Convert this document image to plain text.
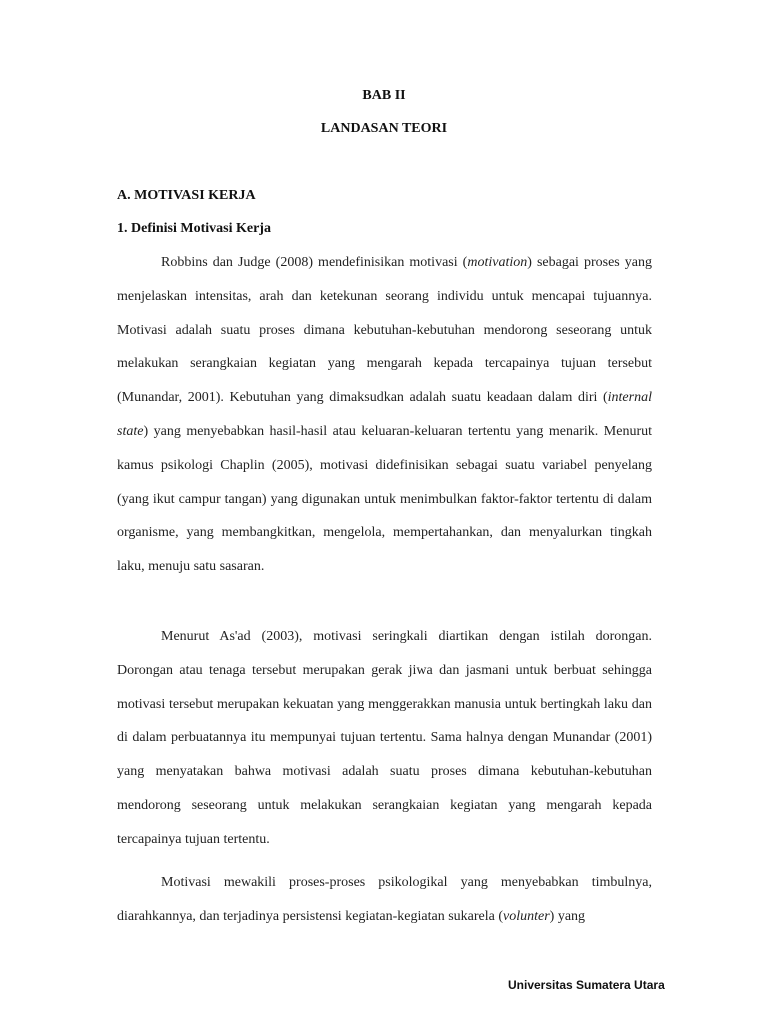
BAB II
LANDASAN TEORI
A. MOTIVASI KERJA
1. Definisi Motivasi Kerja

Robbins dan Judge (2008) mendefinisikan motivasi (motivation) sebagai proses yang menjelaskan intensitas, arah dan ketekunan seorang individu untuk mencapai tujuannya. Motivasi adalah suatu proses dimana kebutuhan-kebutuhan mendorong seseorang untuk melakukan serangkaian kegiatan yang mengarah kepada tercapainya tujuan tersebut (Munandar, 2001). Kebutuhan yang dimaksudkan adalah suatu keadaan dalam diri (internal state) yang menyebabkan hasil-hasil atau keluaran-keluaran tertentu yang menarik. Menurut kamus psikologi Chaplin (2005), motivasi didefinisikan sebagai suatu variabel penyelang (yang ikut campur tangan) yang digunakan untuk menimbulkan faktor-faktor tertentu di dalam organisme, yang membangkitkan, mengelola, mempertahankan, dan menyalurkan tingkah laku, menuju satu sasaran.

Menurut As'ad (2003), motivasi seringkali diartikan dengan istilah dorongan. Dorongan atau tenaga tersebut merupakan gerak jiwa dan jasmani untuk berbuat sehingga motivasi tersebut merupakan kekuatan yang menggerakkan manusia untuk bertingkah laku dan di dalam perbuatannya itu mempunyai tujuan tertentu. Sama halnya dengan Munandar (2001) yang menyatakan bahwa motivasi adalah suatu proses dimana kebutuhan-kebutuhan mendorong seseorang untuk melakukan serangkaian kegiatan yang mengarah kepada tercapainya tujuan tertentu.

Motivasi mewakili proses-proses psikologikal yang menyebabkan timbulnya, diarahkannya, dan terjadinya persistensi kegiatan-kegiatan sukarela (volunter) yang

Universitas Sumatera Utara
